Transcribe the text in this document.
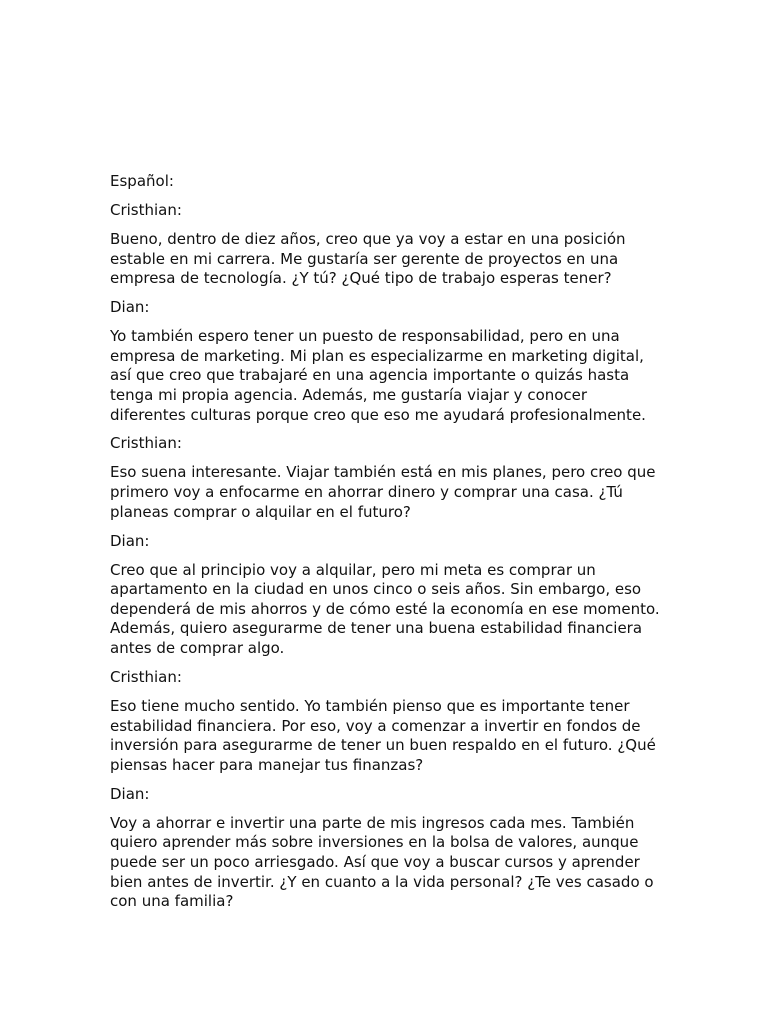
Español:

Cristhian:

Bueno, dentro de diez años, creo que ya voy a estar en una posición estable en mi carrera. Me gustaría ser gerente de proyectos en una empresa de tecnología. ¿Y tú? ¿Qué tipo de trabajo esperas tener?

Dian:

Yo también espero tener un puesto de responsabilidad, pero en una empresa de marketing. Mi plan es especializarme en marketing digital, así que creo que trabajaré en una agencia importante o quizás hasta tenga mi propia agencia. Además, me gustaría viajar y conocer diferentes culturas porque creo que eso me ayudará profesionalmente.

Cristhian:

Eso suena interesante. Viajar también está en mis planes, pero creo que primero voy a enfocarme en ahorrar dinero y comprar una casa. ¿Tú planeas comprar o alquilar en el futuro?

Dian:

Creo que al principio voy a alquilar, pero mi meta es comprar un apartamento en la ciudad en unos cinco o seis años. Sin embargo, eso dependerá de mis ahorros y de cómo esté la economía en ese momento. Además, quiero asegurarme de tener una buena estabilidad financiera antes de comprar algo.

Cristhian:

Eso tiene mucho sentido. Yo también pienso que es importante tener estabilidad financiera. Por eso, voy a comenzar a invertir en fondos de inversión para asegurarme de tener un buen respaldo en el futuro. ¿Qué piensas hacer para manejar tus finanzas?

Dian:

Voy a ahorrar e invertir una parte de mis ingresos cada mes. También quiero aprender más sobre inversiones en la bolsa de valores, aunque puede ser un poco arriesgado. Así que voy a buscar cursos y aprender bien antes de invertir. ¿Y en cuanto a la vida personal? ¿Te ves casado o con una familia?
